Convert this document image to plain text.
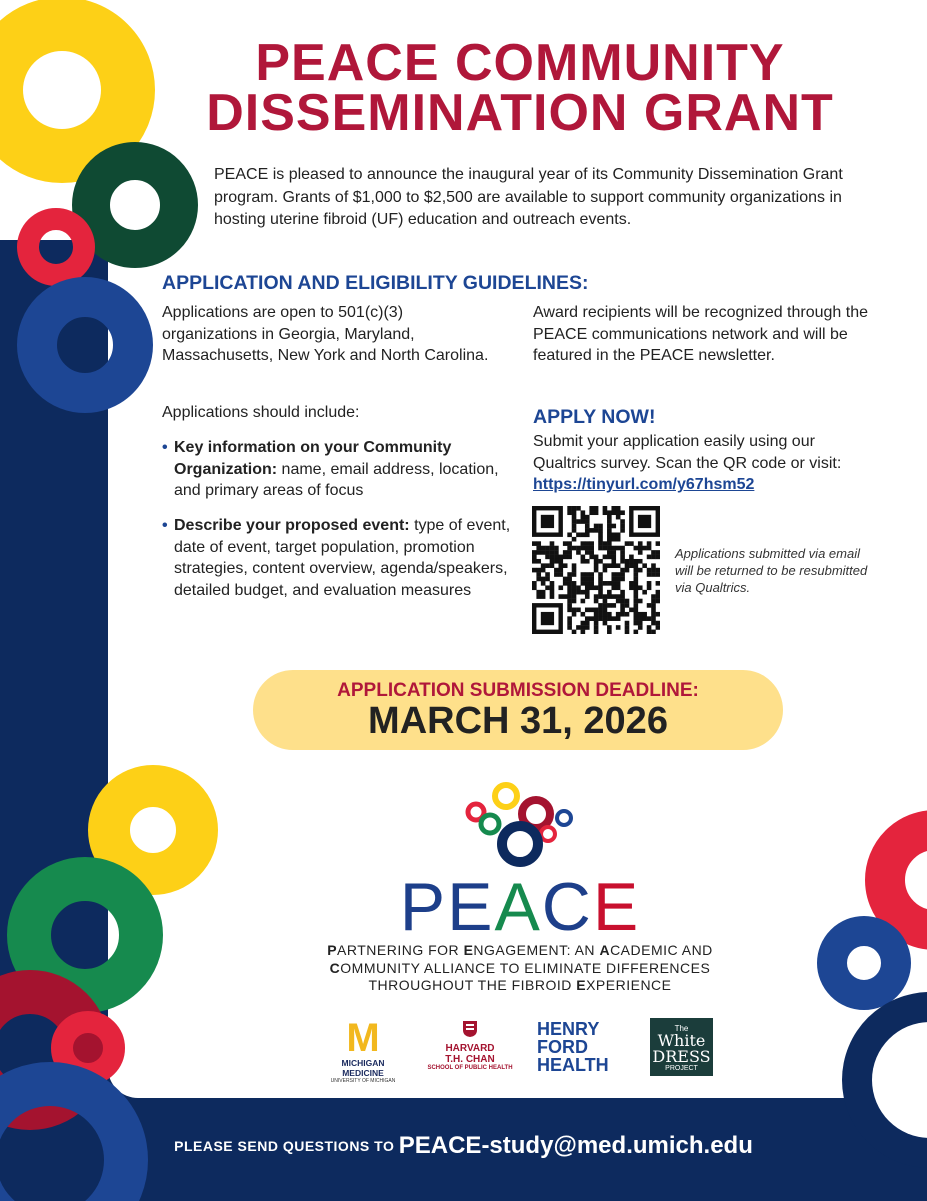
PEACE COMMUNITY
DISSEMINATION GRANT
PEACE is pleased to announce the inaugural year of its Community Dissemination Grant program. Grants of $1,000 to $2,500 are available to support community organizations in hosting uterine fibroid (UF) education and outreach events.
APPLICATION AND ELIGIBILITY GUIDELINES:
Applications are open to 501(c)(3) organizations in Georgia, Maryland, Massachusetts, New York and North Carolina.
Applications should include:
• Key information on your Community Organization: name, email address, location, and primary areas of focus
• Describe your proposed event: type of event, date of event, target population, promotion strategies, content overview, agenda/speakers, detailed budget, and evaluation measures
Award recipients will be recognized through the PEACE communications network and will be featured in the PEACE newsletter.
APPLY NOW!
Submit your application easily using our Qualtrics survey. Scan the QR code or visit: https://tinyurl.com/y67hsm52
Applications submitted via email will be returned to be resubmitted via Qualtrics.
APPLICATION SUBMISSION DEADLINE:
MARCH 31, 2026
PEACE
PARTNERING FOR ENGAGEMENT: AN ACADEMIC AND
COMMUNITY ALLIANCE TO ELIMINATE DIFFERENCES
THROUGHOUT THE FIBROID EXPERIENCE
M
MICHIGAN MEDICINE
UNIVERSITY OF MICHIGAN
HARVARD
T.H. CHAN
SCHOOL OF PUBLIC HEALTH
HENRY
FORD
HEALTH
The
White DRESS
PROJECT
PLEASE SEND QUESTIONS TO PEACE-study@med.umich.edu
